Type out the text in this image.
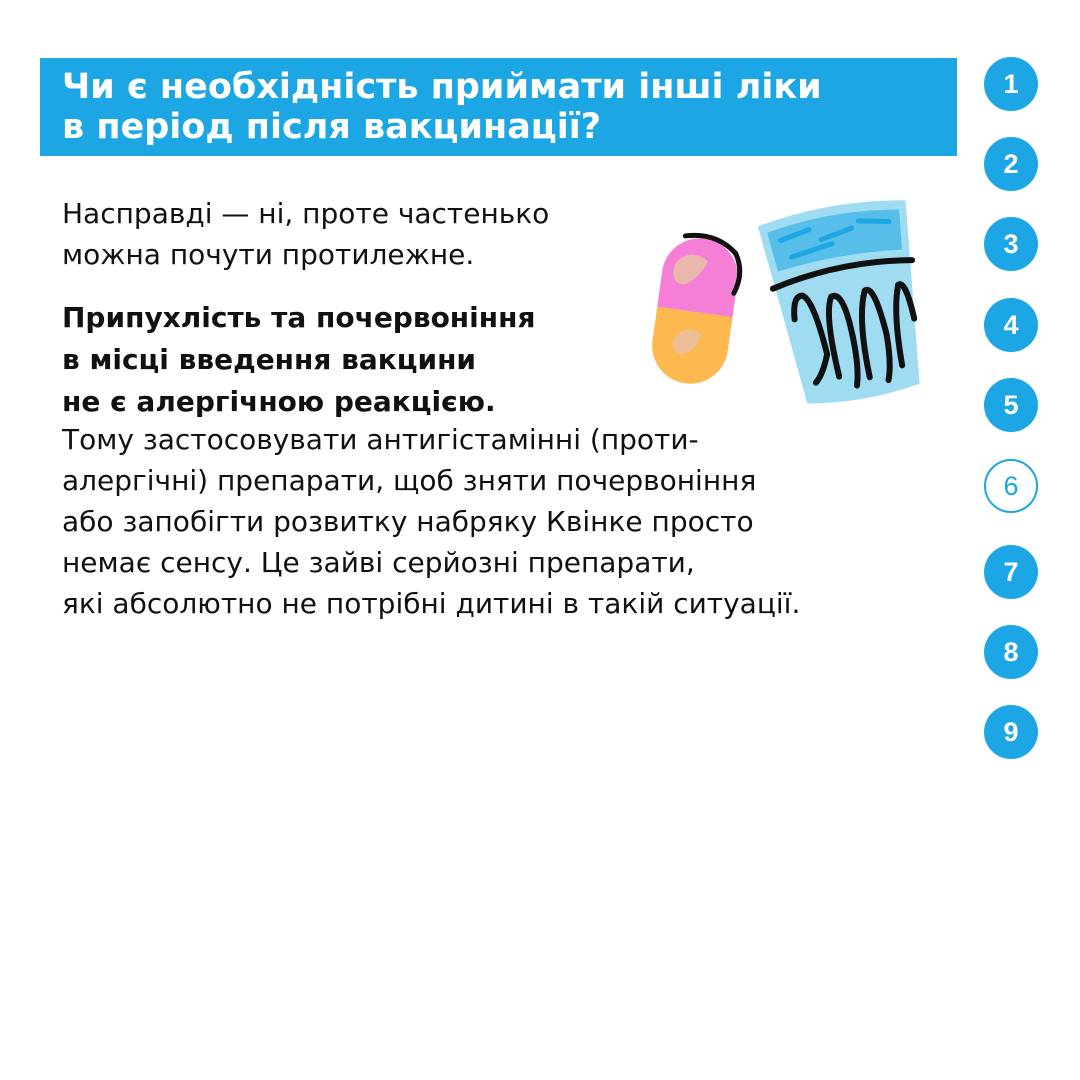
Чи є необхідність приймати інші ліки
в період після вакцинації?
Насправді — ні, проте частенько
можна почути протилежне.
Припухлість та почервоніння
в місці введення вакцини
не є алергічною реакцією.
Тому застосовувати антигістамінні (проти-
алергічні) препарати, щоб зняти почервоніння
або запобігти розвитку набряку Квінке просто
немає сенсу. Це зайві серйозні препарати,
які абсолютно не потрібні дитині в такій ситуації.
1
2
3
4
5
6
7
8
9
